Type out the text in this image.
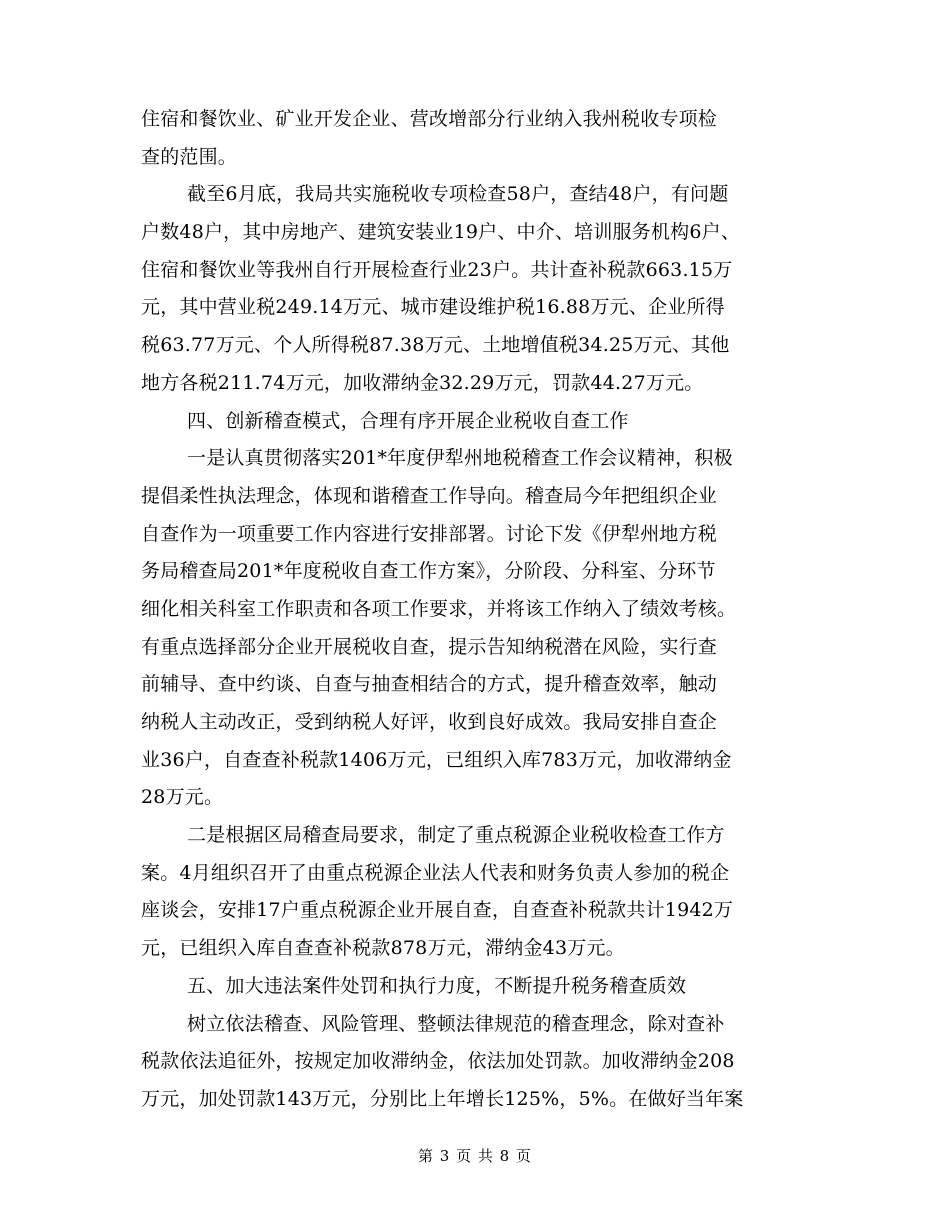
住宿和餐饮业、矿业开发企业、营改增部分行业纳入我州税收专项检
查的范围。
截至6月底，我局共实施税收专项检查58户，查结48户，有问题
户数48户，其中房地产、建筑安装业19户、中介、培训服务机构6户、
住宿和餐饮业等我州自行开展检查行业23户。共计查补税款663.15万
元，其中营业税249.14万元、城市建设维护税16.88万元、企业所得
税63.77万元、个人所得税87.38万元、土地增值税34.25万元、其他
地方各税211.74万元，加收滞纳金32.29万元，罚款44.27万元。
四、创新稽查模式，合理有序开展企业税收自查工作
一是认真贯彻落实201*年度伊犁州地税稽查工作会议精神，积极
提倡柔性执法理念，体现和谐稽查工作导向。稽查局今年把组织企业
自查作为一项重要工作内容进行安排部署。讨论下发《伊犁州地方税
务局稽查局201*年度税收自查工作方案》，分阶段、分科室、分环节
细化相关科室工作职责和各项工作要求，并将该工作纳入了绩效考核。
有重点选择部分企业开展税收自查，提示告知纳税潜在风险，实行查
前辅导、查中约谈、自查与抽查相结合的方式，提升稽查效率，触动
纳税人主动改正，受到纳税人好评，收到良好成效。我局安排自查企
业36户，自查查补税款1406万元，已组织入库783万元，加收滞纳金
28万元。
二是根据区局稽查局要求，制定了重点税源企业税收检查工作方
案。4月组织召开了由重点税源企业法人代表和财务负责人参加的税企
座谈会，安排17户重点税源企业开展自查，自查查补税款共计1942万
元，已组织入库自查查补税款878万元，滞纳金43万元。
五、加大违法案件处罚和执行力度，不断提升税务稽查质效
树立依法稽查、风险管理、整顿法律规范的稽查理念，除对查补
税款依法追征外，按规定加收滞纳金，依法加处罚款。加收滞纳金208
万元，加处罚款143万元，分别比上年增长125%，5%。在做好当年案
第 3 页 共 8 页
